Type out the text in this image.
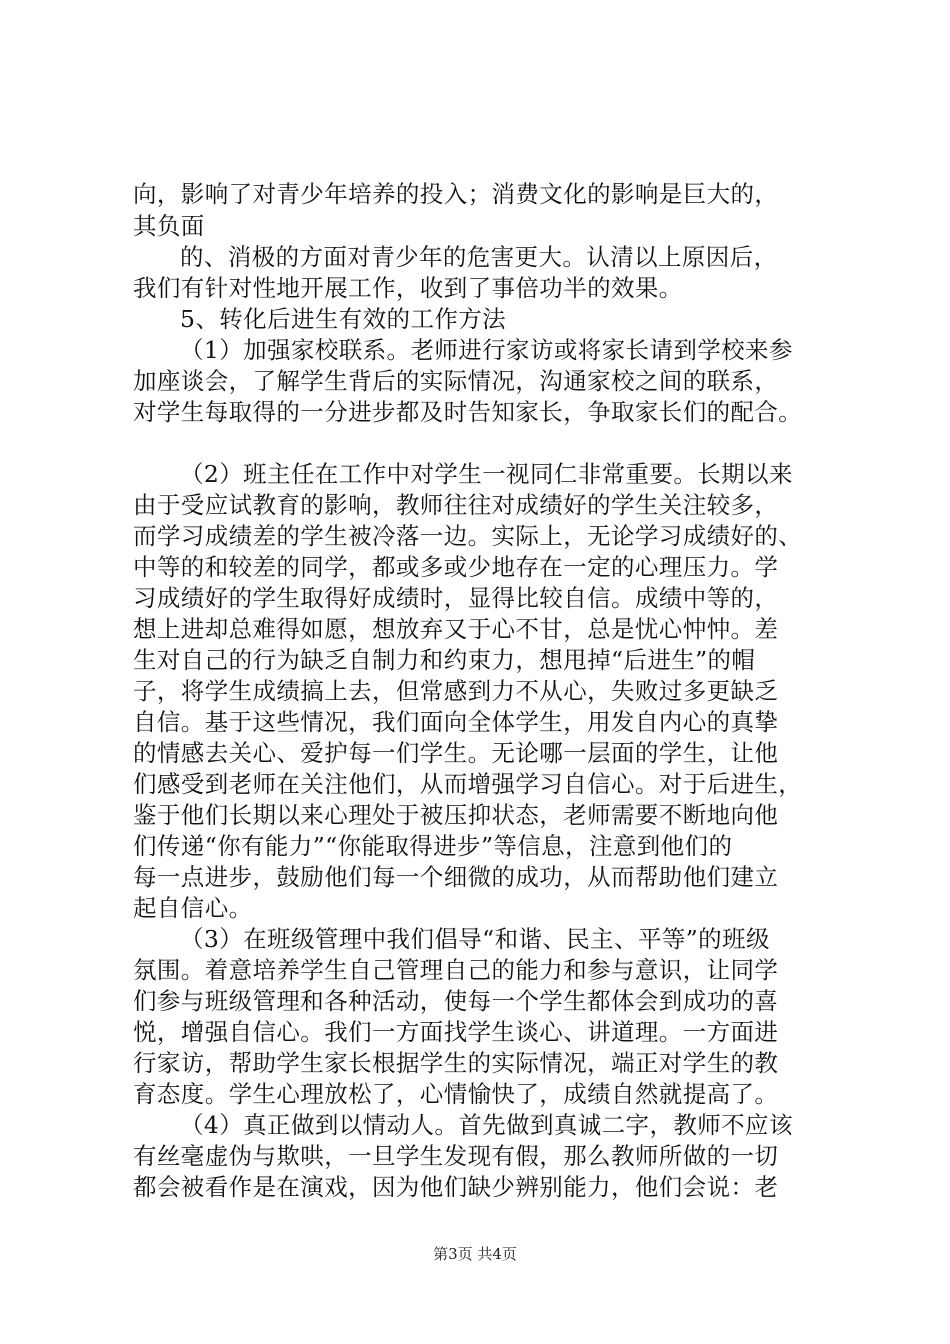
向，影响了对青少年培养的投入；消费文化的影响是巨大的，
其负面
的、消极的方面对青少年的危害更大。认清以上原因后，
我们有针对性地开展工作，收到了事倍功半的效果。
5、转化后进生有效的工作方法
（1）加强家校联系。老师进行家访或将家长请到学校来参
加座谈会，了解学生背后的实际情况，沟通家校之间的联系，
对学生每取得的一分进步都及时告知家长，争取家长们的配合。
（2）班主任在工作中对学生一视同仁非常重要。长期以来
由于受应试教育的影响，教师往往对成绩好的学生关注较多，
而学习成绩差的学生被冷落一边。实际上，无论学习成绩好的、
中等的和较差的同学，都或多或少地存在一定的心理压力。学
习成绩好的学生取得好成绩时，显得比较自信。成绩中等的，
想上进却总难得如愿，想放弃又于心不甘，总是忧心忡忡。差
生对自己的行为缺乏自制力和约束力，想甩掉“后进生”的帽
子，将学生成绩搞上去，但常感到力不从心，失败过多更缺乏
自信。基于这些情况，我们面向全体学生，用发自内心的真挚
的情感去关心、爱护每一们学生。无论哪一层面的学生，让他
们感受到老师在关注他们，从而增强学习自信心。对于后进生，
鉴于他们长期以来心理处于被压抑状态，老师需要不断地向他
们传递“你有能力”“你能取得进步”等信息，注意到他们的
每一点进步，鼓励他们每一个细微的成功，从而帮助他们建立
起自信心。
（3）在班级管理中我们倡导“和谐、民主、平等”的班级
氛围。着意培养学生自己管理自己的能力和参与意识，让同学
们参与班级管理和各种活动，使每一个学生都体会到成功的喜
悦，增强自信心。我们一方面找学生谈心、讲道理。一方面进
行家访，帮助学生家长根据学生的实际情况，端正对学生的教
育态度。学生心理放松了，心情愉快了，成绩自然就提高了。
（4）真正做到以情动人。首先做到真诚二字，教师不应该
有丝毫虚伪与欺哄，一旦学生发现有假，那么教师所做的一切
都会被看作是在演戏，因为他们缺少辨别能力，他们会说：老
第3页 共4页
